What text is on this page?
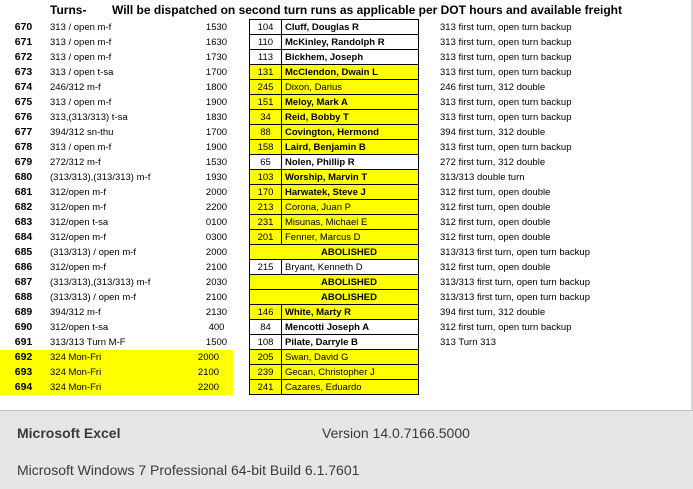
Turns- Will be dispatched on second turn runs as applicable per DOT hours and available freight
670	313 / open m-f	1530	104	Cluff, Douglas R	313 first turn, open turn backup
671	313 / open m-f	1630	110	McKinley, Randolph R	313 first turn, open turn backup
672	313 / open m-f	1730	113	Bickhem, Joseph	313 first turn, open turn backup
673	313 / open t-sa	1700	131	McClendon, Dwain L	313 first turn, open turn backup
674	246/312 m-f	1800	245	Dixon, Darius	246 first turn, 312 double
675	313 / open m-f	1900	151	Meloy, Mark A	313 first turn, open turn backup
676	313,(313/313) t-sa	1830	34	Reid, Bobby T	313 first turn, open turn backup
677	394/312 sn-thu	1700	88	Covington, Hermond	394 first turn, 312 double
678	313 / open m-f	1900	158	Laird, Benjamin B	313 first turn, open turn backup
679	272/312 m-f	1530	65	Nolen, Phillip R	272 first turn, 312 double
680	(313/313),(313/313) m-f	1930	103	Worship, Marvin T	313/313 double turn
681	312/open m-f	2000	170	Harwatek, Steve J	312 first turn, open double
682	312/open m-f	2200	213	Corona, Juan P	312 first turn, open double
683	312/open t-sa	0100	231	Misunas, Michael E	312 first turn, open double
684	312/open m-f	0300	201	Fenner, Marcus D	312 first turn, open double
685	(313/313) / open m-f	2000	ABOLISHED	313/313 first turn, open turn backup
686	312/open m-f	2100	215	Bryant, Kenneth D	312 first turn, open double
687	(313/313),(313/313) m-f	2030	ABOLISHED	313/313 first turn, open turn backup
688	(313/313) / open m-f	2100	ABOLISHED	313/313 first turn, open turn backup
689	394/312 m-f	2130	146	White, Marty R	394 first turn, 312 double
690	312/open t-sa	400	84	Mencotti Joseph A	312 first turn, open turn backup
691	313/313 Turn M-F	1500	108	Pilate, Darryle B	313 Turn 313
692	324 Mon-Fri	2000	205	Swan, David G
693	324 Mon-Fri	2100	239	Gecan, Christopher J
694	324 Mon-Fri	2200	241	Cazares, Eduardo
Microsoft Excel	Version 14.0.7166.5000
Microsoft Windows 7 Professional 64-bit Build 6.1.7601
